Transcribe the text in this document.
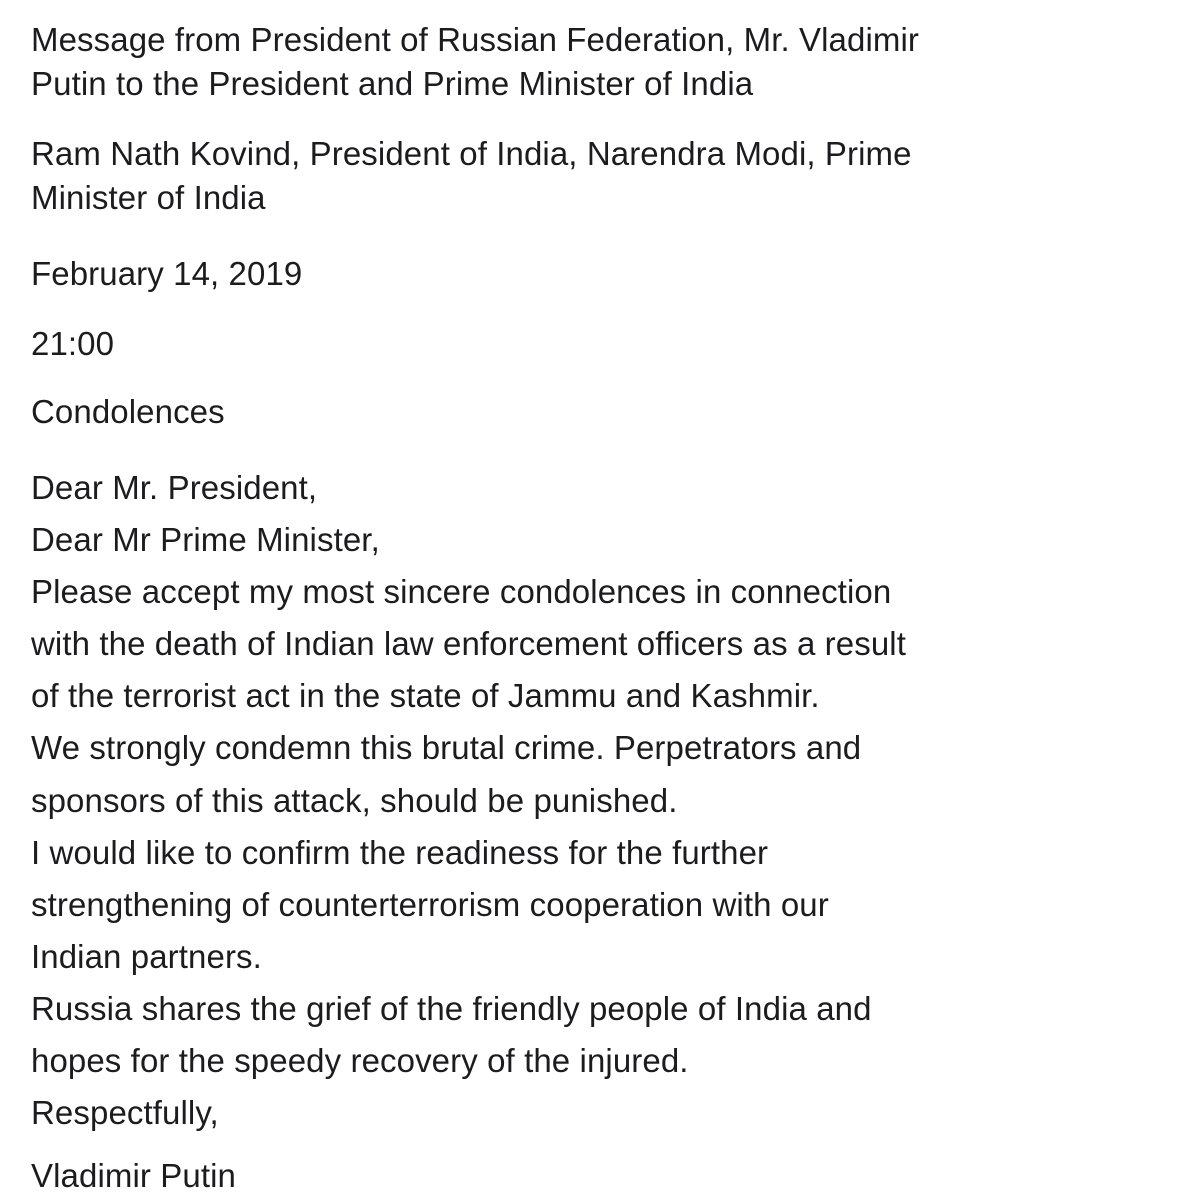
Message from President of Russian Federation, Mr. Vladimir
Putin to the President and Prime Minister of India
Ram Nath Kovind, President of India, Narendra Modi, Prime
Minister of India
February 14, 2019
21:00
Condolences
Dear Mr. President,
Dear Mr Prime Minister,
Please accept my most sincere condolences in connection
with the death of Indian law enforcement officers as a result
of the terrorist act in the state of Jammu and Kashmir.
We strongly condemn this brutal crime. Perpetrators and
sponsors of this attack, should be punished.
I would like to confirm the readiness for the further
strengthening of counterterrorism cooperation with our
Indian partners.
Russia shares the grief of the friendly people of India and
hopes for the speedy recovery of the injured.
Respectfully,
Vladimir Putin
